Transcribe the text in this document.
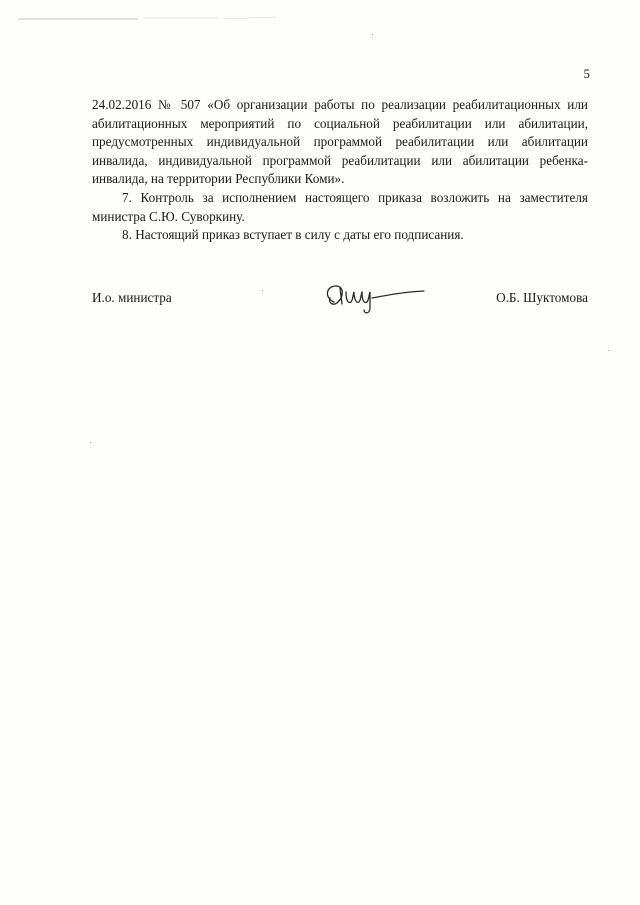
5

24.02.2016 № 507 «Об организации работы по реализации реабилитационных или абилитационных мероприятий по социальной реабилитации или абилитации, предусмотренных индивидуальной программой реабилитации или абилитации инвалида, индивидуальной программой реабилитации или абилитации ребенка-инвалида, на территории Республики Коми».

7. Контроль за исполнением настоящего приказа возложить на заместителя министра С.Ю. Суворкину.

8. Настоящий приказ вступает в силу с даты его подписания.

И.о. министра	О.Б. Шуктомова
